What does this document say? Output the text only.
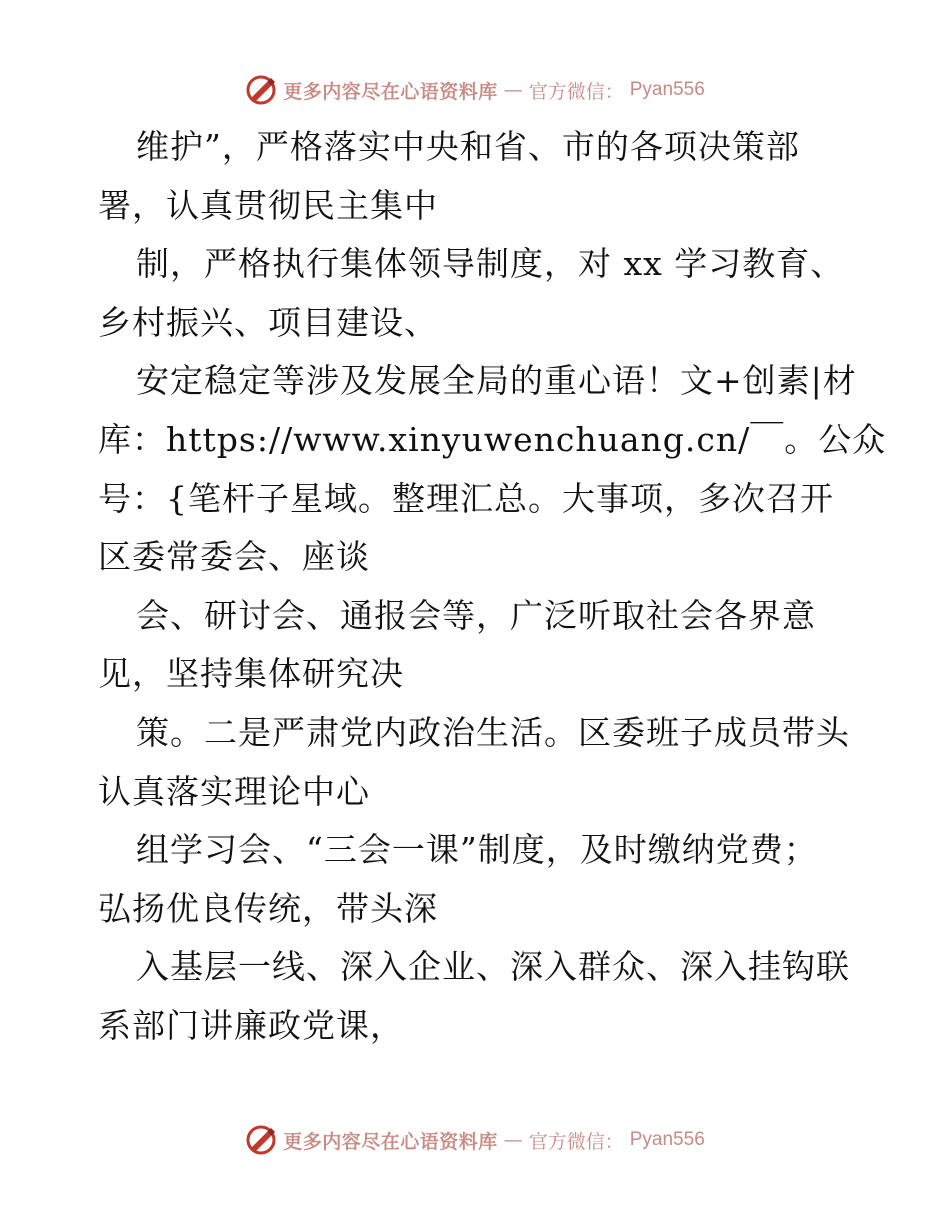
更多内容尽在心语资料库 — 官方微信： Pyan556
维护”，严格落实中央和省、市的各项决策部
署，认真贯彻民主集中
制，严格执行集体领导制度，对 xx 学习教育、
乡村振兴、项目建设、
安定稳定等涉及发展全局的重心语！文+创素|材
库：https://www.xinyuwenchuang.cn/￣。公众
号：{笔杆子星域。整理汇总。大事项，多次召开
区委常委会、座谈
会、研讨会、通报会等，广泛听取社会各界意
见，坚持集体研究决
策。二是严肃党内政治生活。区委班子成员带头
认真落实理论中心
组学习会、“三会一课”制度，及时缴纳党费；
弘扬优良传统，带头深
入基层一线、深入企业、深入群众、深入挂钩联
系部门讲廉政党课，
更多内容尽在心语资料库 — 官方微信： Pyan556
